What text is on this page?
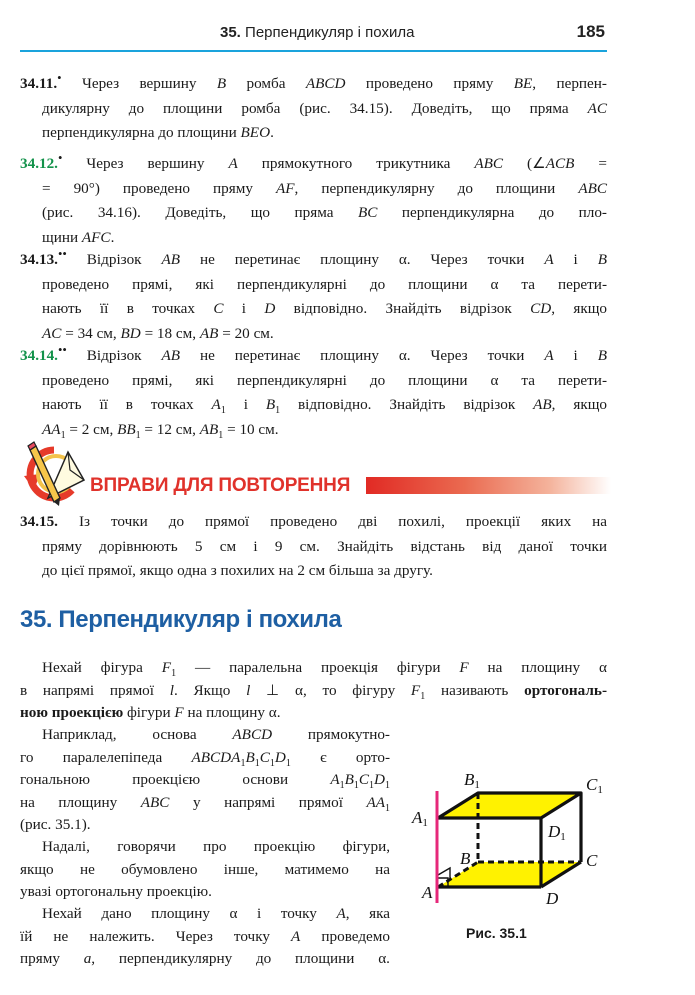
35. Перпендикуляр і похила	185
34.11.• Через вершину B ромба ABCD проведено пряму BE, перпен-
дикулярну до площини ромба (рис. 34.15). Доведіть, що пряма AC
перпендикулярна до площини BEO.
34.12.• Через вершину A прямокутного трикутника ABC (∠ACB =
= 90°) проведено пряму AF, перпендикулярну до площини ABC
(рис. 34.16). Доведіть, що пряма BC перпендикулярна до пло-
щини AFC.
34.13.•• Відрізок AB не перетинає площину α. Через точки A і B
проведено прямі, які перпендикулярні до площини α та перети-
нають її в точках C і D відповідно. Знайдіть відрізок CD, якщо
AC = 34 см, BD = 18 см, AB = 20 см.
34.14.•• Відрізок AB не перетинає площину α. Через точки A і B
проведено прямі, які перпендикулярні до площини α та перети-
нають її в точках $A_1$ і $B_1$ відповідно. Знайдіть відрізок AB, якщо
$AA_1 = 2$ см, $BB_1 = 12$ см, $AB_1 = 10$ см.
ВПРАВИ ДЛЯ ПОВТОРЕННЯ
34.15. Із точки до прямої проведено дві похилі, проекції яких на
пряму дорівнюють 5 см і 9 см. Знайдіть відстань від даної точки
до цієї прямої, якщо одна з похилих на 2 см більша за другу.
35. Перпендикуляр і похила
Нехай фігура $F_1$ — паралельна проекція фігури F на площину α
в напрямі прямої l. Якщо l ⊥ α, то фігуру $F_1$ називають ортогональ-
ною проекцією фігури F на площину α.
Наприклад, основа ABCD прямокутно-
го паралелепіпеда $ABCDA_1B_1C_1D_1$ є орто-
гональною проекцією основи $A_1B_1C_1D_1$
на площину ABC у напрямі прямої $AA_1$
(рис. 35.1).
Надалі, говорячи про проекцію фігури,
якщо не обумовлено інше, матимемо на
увазі ортогональну проекцію.
Нехай дано площину α і точку A, яка
їй не належить. Через точку A проведемо
пряму a, перпендикулярну до площини α.
B1	C1
A1	D1
B	C
A	D
Рис. 35.1
